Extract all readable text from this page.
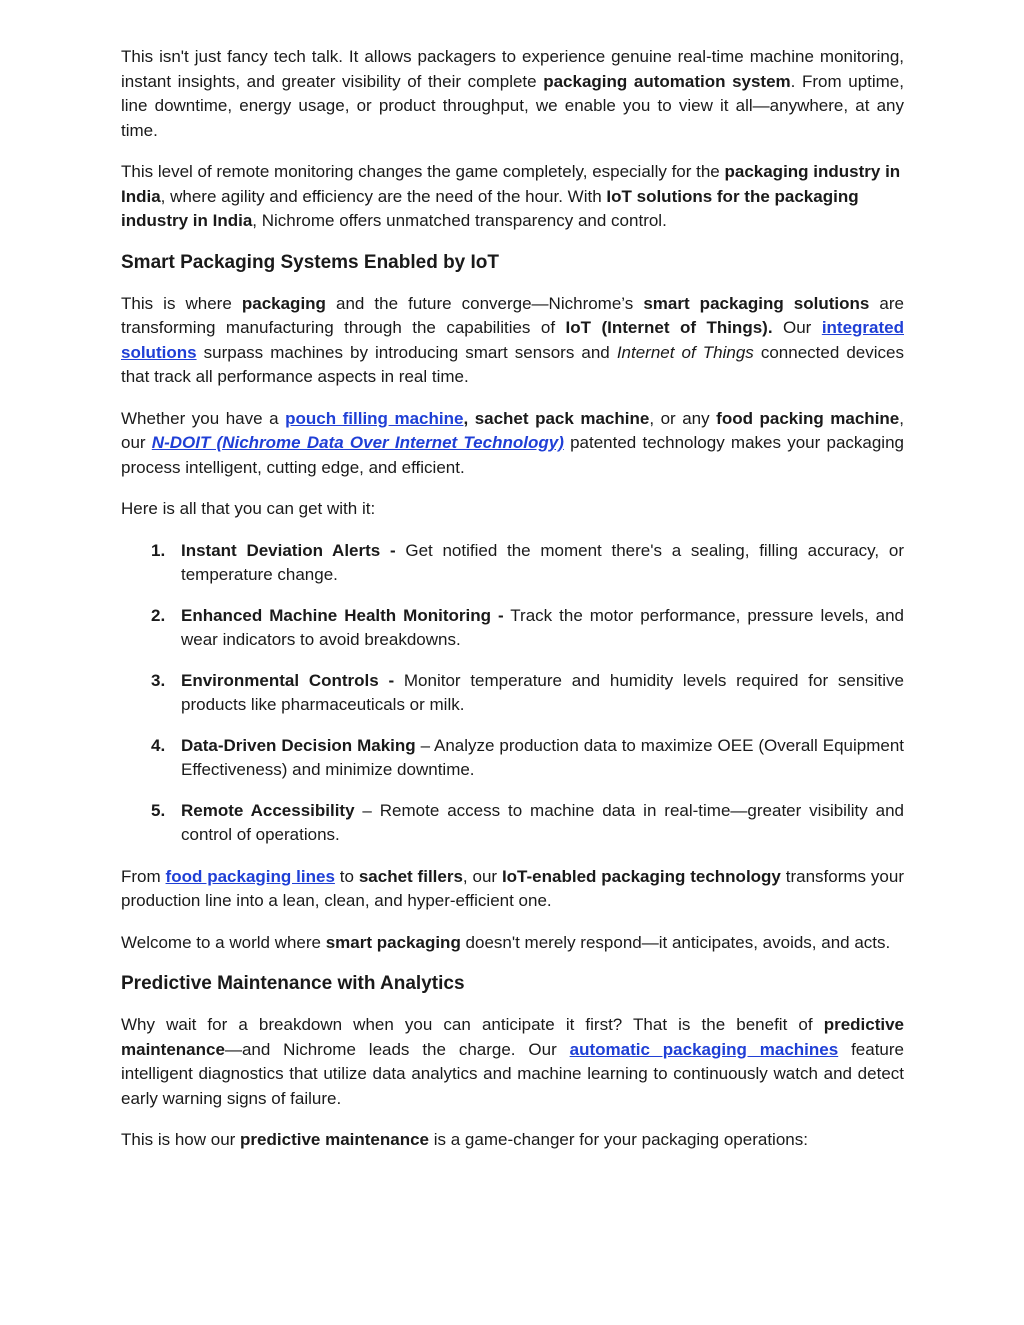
This isn't just fancy tech talk. It allows packagers to experience genuine real-time machine monitoring, instant insights, and greater visibility of their complete packaging automation system. From uptime, line downtime, energy usage, or product throughput, we enable you to view it all—anywhere, at any time.

This level of remote monitoring changes the game completely, especially for the packaging industry in India, where agility and efficiency are the need of the hour. With IoT solutions for the packaging industry in India, Nichrome offers unmatched transparency and control.

Smart Packaging Systems Enabled by IoT

This is where packaging and the future converge—Nichrome’s smart packaging solutions are transforming manufacturing through the capabilities of IoT (Internet of Things). Our integrated solutions surpass machines by introducing smart sensors and Internet of Things connected devices that track all performance aspects in real time.

Whether you have a pouch filling machine, sachet pack machine, or any food packing machine, our N-DOIT (Nichrome Data Over Internet Technology) patented technology makes your packaging process intelligent, cutting edge, and efficient.

Here is all that you can get with it:

1. Instant Deviation Alerts - Get notified the moment there's a sealing, filling accuracy, or temperature change.
2. Enhanced Machine Health Monitoring - Track the motor performance, pressure levels, and wear indicators to avoid breakdowns.
3. Environmental Controls - Monitor temperature and humidity levels required for sensitive products like pharmaceuticals or milk.
4. Data-Driven Decision Making – Analyze production data to maximize OEE (Overall Equipment Effectiveness) and minimize downtime.
5. Remote Accessibility – Remote access to machine data in real-time—greater visibility and control of operations.

From food packaging lines to sachet fillers, our IoT-enabled packaging technology transforms your production line into a lean, clean, and hyper-efficient one.

Welcome to a world where smart packaging doesn't merely respond—it anticipates, avoids, and acts.

Predictive Maintenance with Analytics

Why wait for a breakdown when you can anticipate it first? That is the benefit of predictive maintenance—and Nichrome leads the charge. Our automatic packaging machines feature intelligent diagnostics that utilize data analytics and machine learning to continuously watch and detect early warning signs of failure.

This is how our predictive maintenance is a game-changer for your packaging operations:
